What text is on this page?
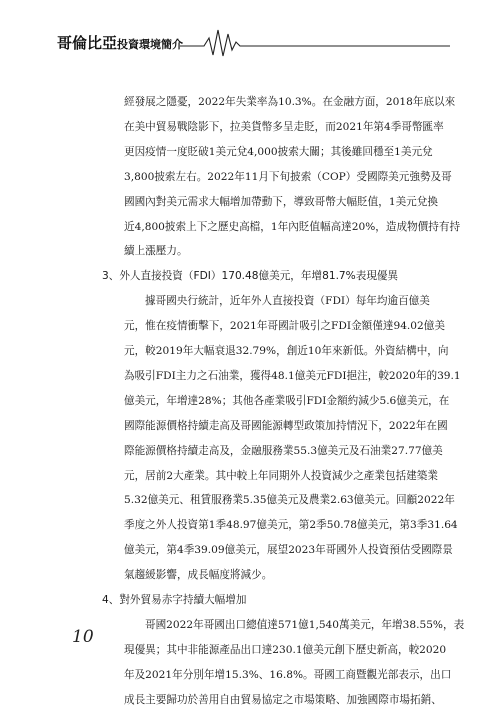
哥倫比亞投資環境簡介
經發展之隱憂，2022年失業率為10.3%。在金融方面，2018年底以來
在美中貿易戰陰影下，拉美貨幣多呈走貶，而2021年第4季哥幣匯率
更因疫情一度貶破1美元兌4,000披索大關；其後雖回穩至1美元兌
3,800披索左右。2022年11月下旬披索（COP）受國際美元強勢及哥
國國內對美元需求大幅增加帶動下，導致哥幣大幅貶值，1美元兌換
近4,800披索上下之歷史高檔，1年內貶值幅高達20%，造成物價持有持
續上漲壓力。
3、外人直接投資（FDI）170.48億美元，年增81.7%表現優異
據哥國央行統計，近年外人直接投資（FDI）每年均逾百億美
元，惟在疫情衝擊下，2021年哥國計吸引之FDI金額僅達94.02億美
元，較2019年大幅衰退32.79%，創近10年來新低。外資結構中，向
為吸引FDI主力之石油業，獲得48.1億美元FDI挹注，較2020年的39.1
億美元，年增達28%；其他各產業吸引FDI金額約減少5.6億美元，在
國際能源價格持續走高及哥國能源轉型政策加持情況下，2022年在國
際能源價格持續走高及，金融服務業55.3億美元及石油業27.77億美
元，居前2大產業。其中較上年同期外人投資減少之產業包括建築業
5.32億美元、租賃服務業5.35億美元及農業2.63億美元。回顧2022年
季度之外人投資第1季48.97億美元，第2季50.78億美元，第3季31.64
億美元，第4季39.09億美元，展望2023年哥國外人投資預估受國際景
氣趨緩影響，成長幅度將減少。
4、對外貿易赤字持續大幅增加
哥國2022年哥國出口總值達571億1,540萬美元，年增38.55%，表
現優異；其中非能源產品出口達230.1億美元創下歷史新高，較2020
年及2021年分別年增15.3%、16.8%。哥國工商暨觀光部表示，出口
成長主要歸功於善用自由貿易協定之市場策略、加強國際市場拓銷、
10
